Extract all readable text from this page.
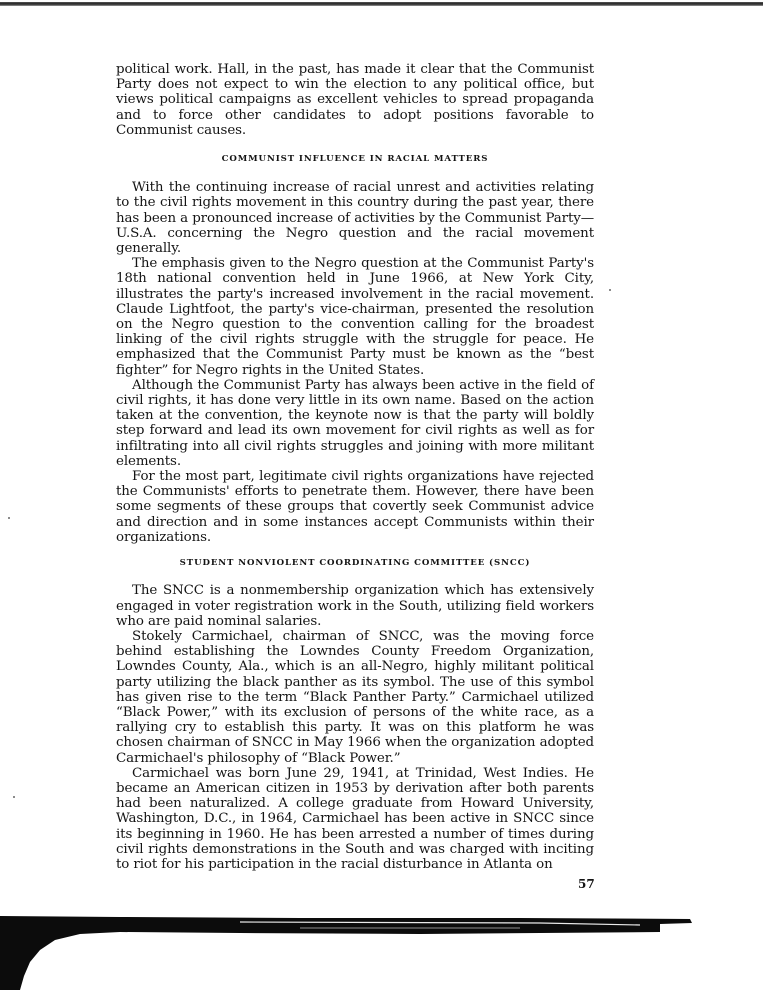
political work. Hall, in the past, has made it clear that the Communist Party does not expect to win the election to any political office, but views political campaigns as excellent vehicles to spread propaganda and to force other candidates to adopt positions favorable to Communist causes.

COMMUNIST INFLUENCE IN RACIAL MATTERS

With the continuing increase of racial unrest and activities relating to the civil rights movement in this country during the past year, there has been a pronounced increase of activities by the Communist Party—U.S.A. concerning the Negro question and the racial movement generally.

The emphasis given to the Negro question at the Communist Party's 18th national convention held in June 1966, at New York City, illustrates the party's increased involvement in the racial movement. Claude Lightfoot, the party's vice-chairman, presented the resolution on the Negro question to the convention calling for the broadest linking of the civil rights struggle with the struggle for peace. He emphasized that the Communist Party must be known as the “best fighter” for Negro rights in the United States.

Although the Communist Party has always been active in the field of civil rights, it has done very little in its own name. Based on the action taken at the convention, the keynote now is that the party will boldly step forward and lead its own movement for civil rights as well as for infiltrating into all civil rights struggles and joining with more militant elements.

For the most part, legitimate civil rights organizations have rejected the Communists' efforts to penetrate them. However, there have been some segments of these groups that covertly seek Communist advice and direction and in some instances accept Communists within their organizations.

STUDENT NONVIOLENT COORDINATING COMMITTEE (SNCC)

The SNCC is a nonmembership organization which has extensively engaged in voter registration work in the South, utilizing field workers who are paid nominal salaries.

Stokely Carmichael, chairman of SNCC, was the moving force behind establishing the Lowndes County Freedom Organization, Lowndes County, Ala., which is an all-Negro, highly militant political party utilizing the black panther as its symbol. The use of this symbol has given rise to the term “Black Panther Party.” Carmichael utilized “Black Power,” with its exclusion of persons of the white race, as a rallying cry to establish this party. It was on this platform he was chosen chairman of SNCC in May 1966 when the organization adopted Carmichael's philosophy of “Black Power.”

Carmichael was born June 29, 1941, at Trinidad, West Indies. He became an American citizen in 1953 by derivation after both parents had been naturalized. A college graduate from Howard University, Washington, D.C., in 1964, Carmichael has been active in SNCC since its beginning in 1960. He has been arrested a number of times during civil rights demonstrations in the South and was charged with inciting to riot for his participation in the racial disturbance in Atlanta on

57
